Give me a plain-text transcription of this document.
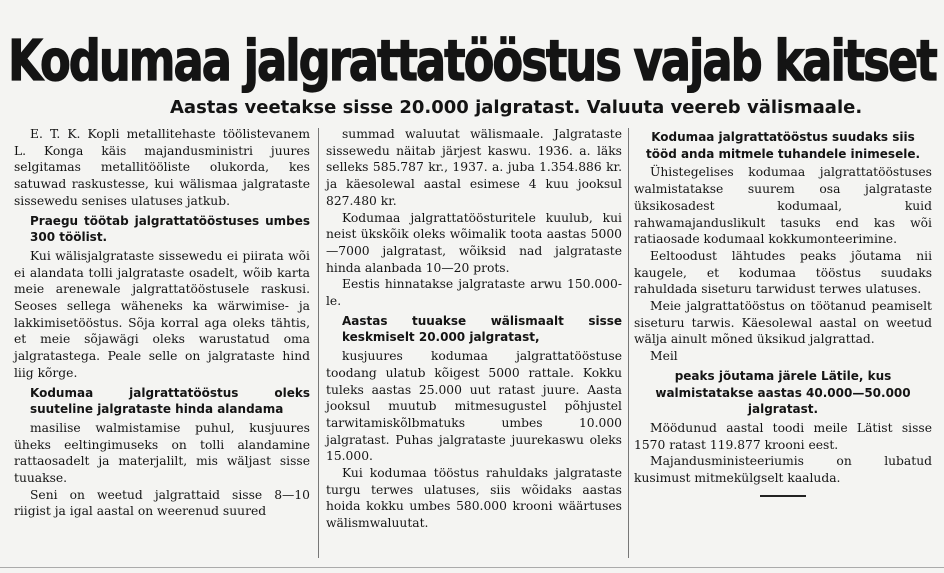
Kodumaa jalgrattatööstus vajab kaitset
Aastas veetakse sisse 20.000 jalgratast. Valuuta veereb välismaale.

E. T. K. Kopli metallitehaste töölistevanem L. Konga käis majandusministri juures selgitamas metallitööliste olukorda, kes satuwad raskustesse, kui wälismaa jalgrataste sissewedu senises ulatuses jatkub.

Praegu töötab jalgrattatööstuses umbes 300 töölist.

Kui wälisjalgrataste sissewedu ei piirata wõi ei alandata tolli jalgrataste osadelt, wõib karta meie arenewale jalgrattatööstusele raskusi. Seoses sellega wäheneks ka wärwimise- ja lakkimisetööstus. Sõja korral aga oleks tähtis, et meie sõjawägi oleks warustatud oma jalgratastega. Peale selle on jalgrataste hind liig kõrge.

Kodumaa jalgrattatööstus oleks suuteline jalgrataste hinda alandama

masilise walmistamise puhul, kusjuures üheks eeltingimuseks on tolli alandamine rattaosadelt ja materjalilt, mis wäljast sisse tuuakse.

Seni on weetud jalgrattaid sisse 8—10 riigist ja igal aastal on weerenud suured

summad waluutat wälismaale. Jalgrataste sissewedu näitab järjest kaswu. 1936. a. läks selleks 585.787 kr., 1937. a. juba 1.354.886 kr. ja käesolewal aastal esimese 4 kuu jooksul 827.480 kr.

Kodumaa jalgrattatöösturitele kuulub, kui neist ükskõik oleks wõimalik toota aastas 5000—7000 jalgratast, wõiksid nad jalgrataste hinda alanbada 10—20 prots.

Eestis hinnatakse jalgrataste arwu 150.000-le.

Aastas tuuakse wälismaalt sisse keskmiselt 20.000 jalgratast,

kusjuures kodumaa jalgrattatööstuse toodang ulatub kõigest 5000 rattale. Kokku tuleks aastas 25.000 uut ratast juure. Aasta jooksul muutub mitmesugustel põhjustel tarwitamiskõlbmatuks umbes 10.000 jalgratast. Puhas jalgrataste juurekaswu oleks 15.000.

Kui kodumaa tööstus rahuldaks jalgrataste turgu terwes ulatuses, siis wõidaks aastas hoida kokku umbes 580.000 krooni wäärtuses wälismwaluutat.

Kodumaa jalgrattatööstus suudaks siis tööd anda mitmele tuhandele inimesele.

Ühistegelises kodumaa jalgrattatööstuses walmistatakse suurem osa jalgrataste üksikosadest kodumaal, kuid rahwamajanduslikult tasuks end kas wõi ratiaosade kodumaal kokkumonteerimine.

Eeltoodust lähtudes peaks jõutama nii kaugele, et kodumaa tööstus suudaks rahuldada siseturu tarwidust terwes ulatuses.

Meie jalgrattatööstus on töötanud peamiselt siseturu tarwis. Käesolewal aastal on weetud wälja ainult mõned üksikud jalgrattad.

Meil

peaks jõutama järele Lätile, kus walmistatakse aastas 40.000—50.000 jalgratast.

Möödunud aastal toodi meile Lätist sisse 1570 ratast 119.877 krooni eest.

Majandusministeeriumis on lubatud kusimust mitmekülgselt kaaluda.
